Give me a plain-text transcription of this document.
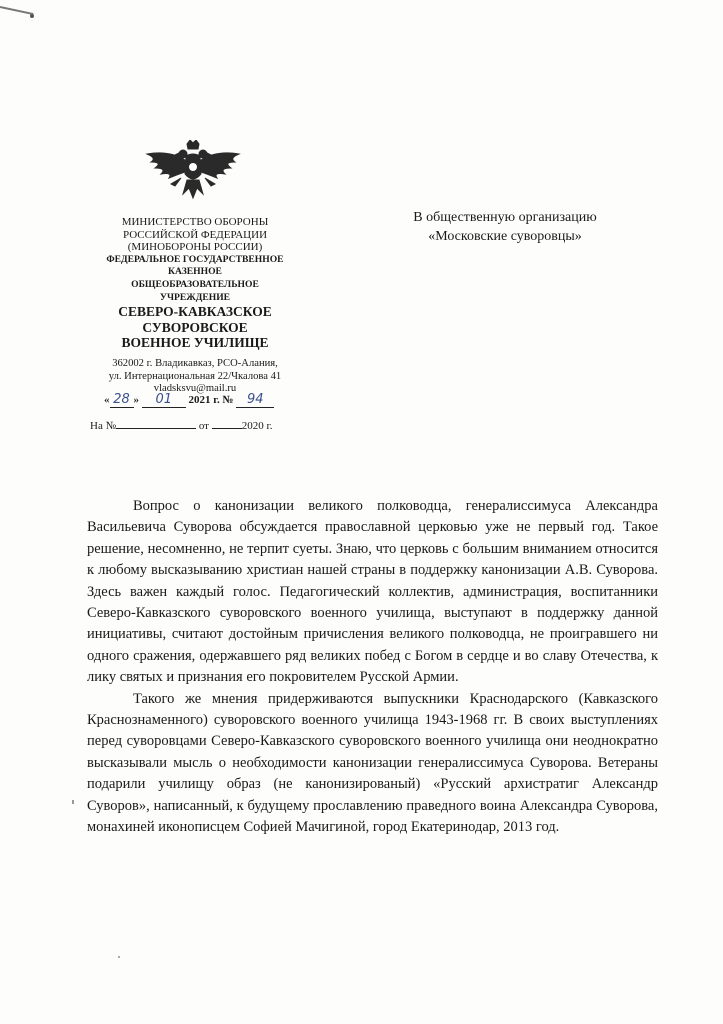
МИНИСТЕРСТВО ОБОРОНЫ
РОССИЙСКОЙ ФЕДЕРАЦИИ
(МИНОБОРОНЫ РОССИИ)
ФЕДЕРАЛЬНОЕ ГОСУДАРСТВЕННОЕ
КАЗЕННОЕ
ОБЩЕОБРАЗОВАТЕЛЬНОЕ
УЧРЕЖДЕНИЕ
СЕВЕРО-КАВКАЗСКОЕ
СУВОРОВСКОЕ
ВОЕННОЕ УЧИЛИЩЕ
362002 г. Владикавказ, РСО-Алания,
ул. Интернациональная 22/Чкалова 41
vladsksvu@mail.ru
« 28 » 01 2021 г. № 94
На №	от	2020 г.
В общественную организацию
«Московские суворовцы»

Вопрос о канонизации великого полководца, генералиссимуса Александра Васильевича Суворова обсуждается православной церковью уже не первый год. Такое решение, несомненно, не терпит суеты. Знаю, что церковь с большим вниманием относится к любому высказыванию христиан нашей страны в поддержку канонизации А.В. Суворова. Здесь важен каждый голос. Педагогический коллектив, администрация, воспитанники Северо-Кавказского суворовского военного училища, выступают в поддержку данной инициативы, считают достойным причисления великого полководца, не проигравшего ни одного сражения, одержавшего ряд великих побед с Богом в сердце и во славу Отечества, к лику святых и признания его покровителем Русской Армии.

Такого же мнения придерживаются выпускники Краснодарского (Кавказского Краснознаменного) суворовского военного училища 1943-1968 гг. В своих выступлениях перед суворовцами Северо-Кавказского суворовского военного училища они неоднократно высказывали мысль о необходимости канонизации генералиссимуса Суворова. Ветераны подарили училищу образ (не канонизированый) «Русский архистратиг Александр Суворов», написанный, к будущему прославлению праведного воина Александра Суворова, монахиней иконописцем Софией Мачигиной, город Екатеринодар, 2013 год.
